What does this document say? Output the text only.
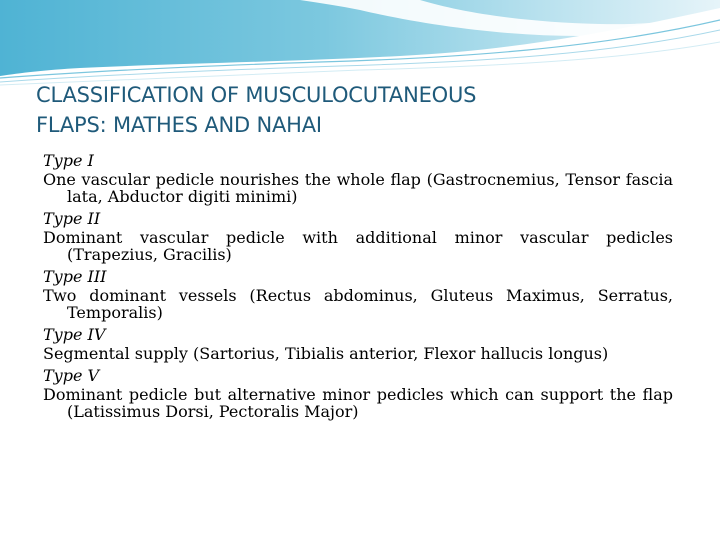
CLASSIFICATION OF MUSCULOCUTANEOUS
FLAPS: MATHES AND NAHAI

Type I

One vascular pedicle nourishes the whole flap (Gastrocnemius, Tensor fascia lata, Abductor digiti minimi)

Type II

Dominant vascular pedicle with additional minor vascular pedicles (Trapezius, Gracilis)

Type III

Two dominant vessels (Rectus abdominus, Gluteus Maximus, Serratus, Temporalis)

Type IV

Segmental supply (Sartorius, Tibialis anterior, Flexor hallucis longus)

Type V

Dominant pedicle but alternative minor pedicles which can support the flap (Latissimus Dorsi, Pectoralis Major)
